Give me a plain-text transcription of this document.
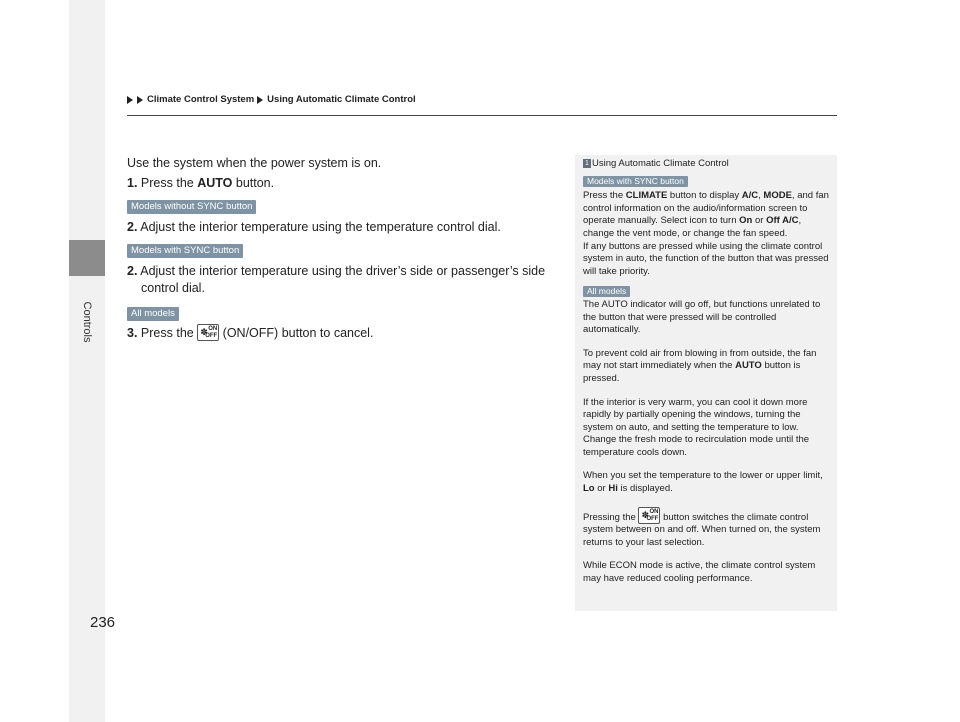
Controls
Climate Control System Using Automatic Climate Control

Use the system when the power system is on.

1. Press the AUTO button.

Models without SYNC button

2. Adjust the interior temperature using the temperature control dial.

Models with SYNC button

2. Adjust the interior temperature using the driver’s side or passenger’s side control dial.

All models

3. Press the ✽ ON
OFF (ON/OFF) button to cancel.

1 Using Automatic Climate Control
Models with SYNC button

Press the CLIMATE button to display A/C, MODE, and fan control information on the audio/information screen to operate manually. Select icon to turn On or Off A/C, change the vent mode, or change the fan speed.

If any buttons are pressed while using the climate control system in auto, the function of the button that was pressed will take priority.

All models

The AUTO indicator will go off, but functions unrelated to the button that were pressed will be controlled automatically.

To prevent cold air from blowing in from outside, the fan may not start immediately when the AUTO button is pressed.

If the interior is very warm, you can cool it down more rapidly by partially opening the windows, turning the system on auto, and setting the temperature to low. Change the fresh mode to recirculation mode until the temperature cools down.

When you set the temperature to the lower or upper limit, Lo or Hi is displayed.

Pressing the ✽ ON
OFF button switches the climate control system between on and off. When turned on, the system returns to your last selection.

While ECON mode is active, the climate control system may have reduced cooling performance.

236
